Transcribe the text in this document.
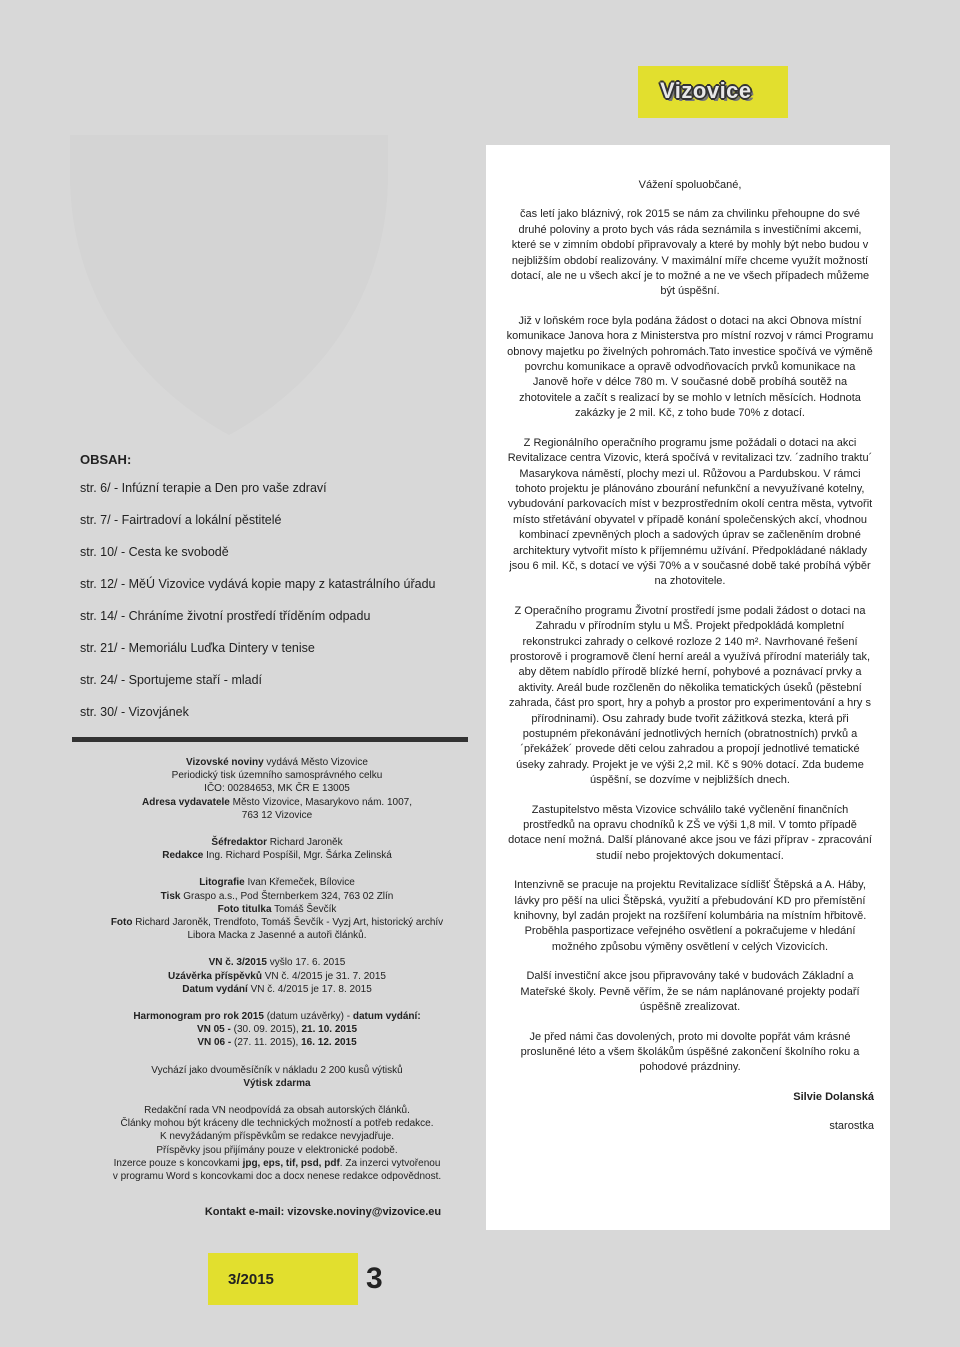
Vizovice
OBSAH:
str. 6/ - Infúzní terapie a Den pro vaše zdraví
str. 7/ - Fairtradoví a lokální pěstitelé
str. 10/ - Cesta ke svobodě
str. 12/ - MěÚ Vizovice vydává kopie mapy z katastrálního úřadu
str. 14/ - Chráníme životní prostředí tříděním odpadu
str. 21/ - Memoriálu Luďka Dintery v tenise
str. 24/ - Sportujeme staří - mladí
str. 30/ - Vizovjánek

Vizovské noviny vydává Město Vizovice

Periodický tisk územního samosprávného celku

IČO: 00284653, MK ČR E 13005

Adresa vydavatele Město Vizovice, Masarykovo nám. 1007,

763 12 Vizovice

Šéfredaktor Richard Jaroněk

Redakce Ing. Richard Pospíšil, Mgr. Šárka Zelinská

Litografie Ivan Křemeček, Bílovice

Tisk Graspo a.s., Pod Šternberkem 324, 763 02 Zlín

Foto titulka Tomáš Ševčík

Foto Richard Jaroněk, Trendfoto, Tomáš Ševčík - Vyzj Art, historický archív

Libora Macka z Jasenné a autoři článků.

VN č. 3/2015 vyšlo 17. 6. 2015

Uzávěrka příspěvků VN č. 4/2015 je 31. 7. 2015

Datum vydání VN č. 4/2015 je 17. 8. 2015

Harmonogram pro rok 2015 (datum uzávěrky) - datum vydání:

VN 05 - (30. 09. 2015), 21. 10. 2015

VN 06 - (27. 11. 2015), 16. 12. 2015

Vychází jako dvouměsíčník v nákladu 2 200 kusů výtisků

Výtisk zdarma

Redakční rada VN neodpovídá za obsah autorských článků.

Články mohou být kráceny dle technických možností a potřeb redakce.

K nevyžádaným příspěvkům se redakce nevyjadřuje.

Příspěvky jsou přijímány pouze v elektronické podobě.

Inzerce pouze s koncovkami jpg, eps, tif, psd, pdf. Za inzerci vytvořenou

v programu Word s koncovkami doc a docx nenese redakce odpovědnost.

Kontakt e-mail: vizovske.noviny@vizovice.eu

Vážení spoluobčané,

čas letí jako bláznivý, rok 2015 se nám za chvilinku přehoupne do své druhé poloviny a proto bych vás ráda seznámila s investičními akcemi, které se v zimním období připravovaly a které by mohly být nebo budou v nejbližším období realizovány. V maximální míře chceme využít možností dotací, ale ne u všech akcí je to možné a ne ve všech případech můžeme být úspěšní.

Již v loňském roce byla podána žádost o dotaci na akci Obnova místní komunikace Janova hora z Ministerstva pro místní rozvoj v rámci Programu obnovy majetku po živelných pohromách.Tato investice spočívá ve výměně povrchu komunikace a opravě odvodňovacích prvků komunikace na Janově hoře v délce 780 m. V současné době probíhá soutěž na zhotovitele a začít s realizací by se mohlo v letních měsících. Hodnota zakázky je 2 mil. Kč, z toho bude 70% z dotací.

Z Regionálního operačního programu jsme požádali o dotaci na akci Revitalizace centra Vizovic, která spočívá v revitalizaci tzv. ´zadního traktu´ Masarykova náměstí, plochy mezi ul. Růžovou a Pardubskou. V rámci tohoto projektu je plánováno zbourání nefunkční a nevyužívané kotelny, vybudování parkovacích míst v bezprostředním okolí centra města, vytvořit místo střetávání obyvatel v případě konání společenských akcí, vhodnou kombinací zpevněných ploch a sadových úprav se začleněním drobné architektury vytvořit místo k příjemnému užívání. Předpokládané náklady jsou 6 mil. Kč, s dotací ve výši 70% a v současné době také probíhá výběr na zhotovitele.

Z Operačního programu Životní prostředí jsme podali žádost o dotaci na Zahradu v přírodním stylu u MŠ. Projekt předpokládá kompletní rekonstrukci zahrady o celkové rozloze 2 140 m². Navrhované řešení prostorově i programově člení herní areál a využívá přírodní materiály tak, aby dětem nabídlo přírodě blízké herní, pohybové a poznávací prvky a aktivity. Areál bude rozčleněn do několika tematických úseků (pěstební zahrada, část pro sport, hry a pohyb a prostor pro experimentování a hry s přírodninami). Osu zahrady bude tvořit zážitková stezka, která při postupném překonávání jednotlivých herních (obratnostních) prvků a ´překážek´ provede děti celou zahradou a propojí jednotlivé tematické úseky zahrady. Projekt je ve výši 2,2 mil. Kč s 90% dotací. Zda budeme úspěšní, se dozvíme v nejbližších dnech.

Zastupitelstvo města Vizovice schválilo také vyčlenění finančních prostředků na opravu chodníků k ZŠ ve výši 1,8 mil. V tomto případě dotace není možná. Další plánované akce jsou ve fázi příprav - zpracování studií nebo projektových dokumentací.

Intenzivně se pracuje na projektu Revitalizace sídlišť Štěpská a A. Háby, lávky pro pěší na ulici Štěpská, využití a přebudování KD pro přemístění knihovny, byl zadán projekt na rozšíření kolumbária na místním hřbitově. Proběhla pasportizace veřejného osvětlení a pokračujeme v hledání možného způsobu výměny osvětlení v celých Vizovicích.

Další investiční akce jsou připravovány také v budovách Základní a Mateřské školy. Pevně věřím, že se nám naplánované projekty podaří úspěšně zrealizovat.

Je před námi čas dovolených, proto mi dovolte popřát vám krásné prosluněné léto a všem školákům úspěšné zakončení školního roku a pohodové prázdniny.

Silvie Dolanská

starostka

3/2015	3
